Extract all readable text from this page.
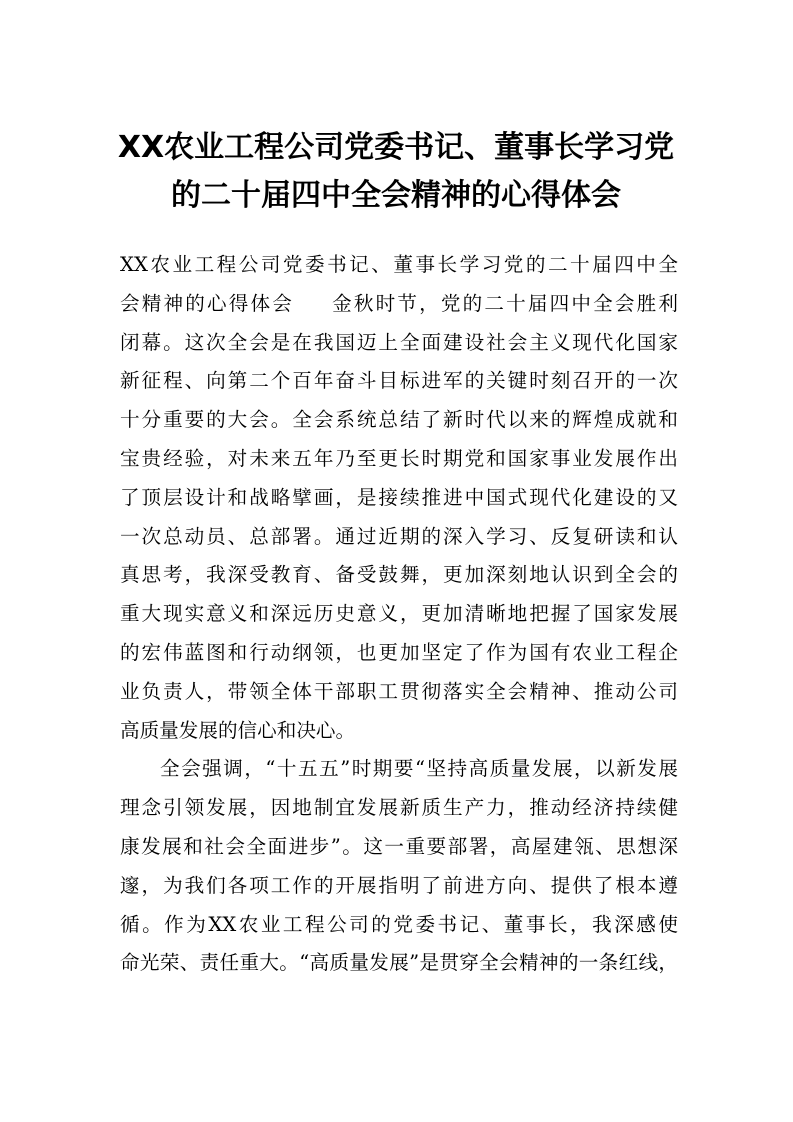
XX农业工程公司党委书记、董事长学习党
的二十届四中全会精神的心得体会
XX农业工程公司党委书记、董事长学习党的二十届四中全
会精神的心得体会 金秋时节，党的二十届四中全会胜利
闭幕。这次全会是在我国迈上全面建设社会主义现代化国家
新征程、向第二个百年奋斗目标进军的关键时刻召开的一次
十分重要的大会。全会系统总结了新时代以来的辉煌成就和
宝贵经验，对未来五年乃至更长时期党和国家事业发展作出
了顶层设计和战略擘画，是接续推进中国式现代化建设的又
一次总动员、总部署。通过近期的深入学习、反复研读和认
真思考，我深受教育、备受鼓舞，更加深刻地认识到全会的
重大现实意义和深远历史意义，更加清晰地把握了国家发展
的宏伟蓝图和行动纲领，也更加坚定了作为国有农业工程企
业负责人，带领全体干部职工贯彻落实全会精神、推动公司
高质量发展的信心和决心。
全会强调，“十五五”时期要“坚持高质量发展，以新发展
理念引领发展，因地制宜发展新质生产力，推动经济持续健
康发展和社会全面进步”。这一重要部署，高屋建瓴、思想深
邃，为我们各项工作的开展指明了前进方向、提供了根本遵
循。作为XX农业工程公司的党委书记、董事长，我深感使
命光荣、责任重大。“高质量发展”是贯穿全会精神的一条红线，
